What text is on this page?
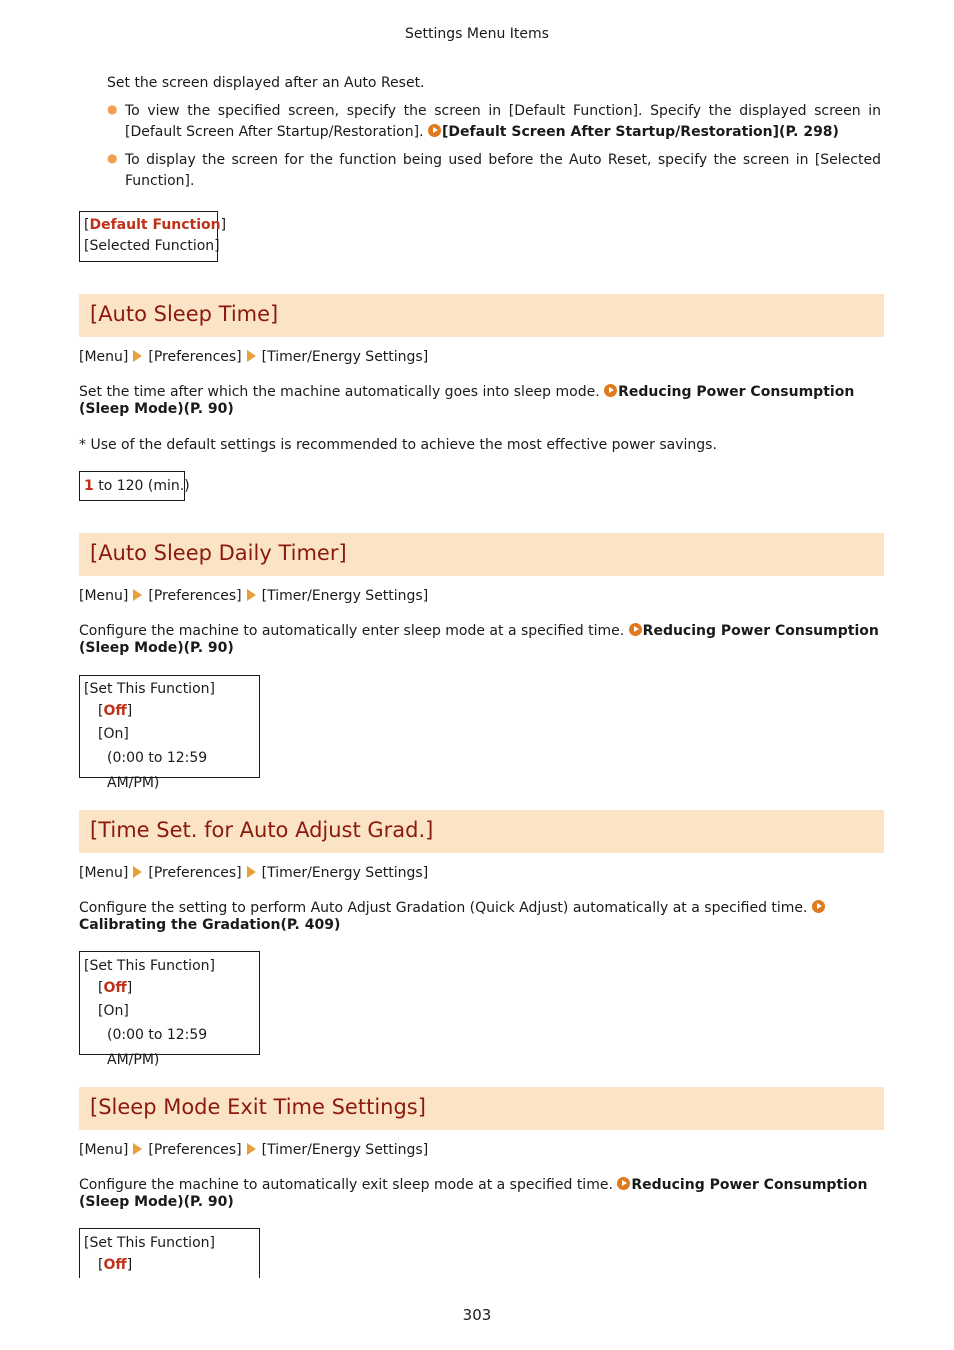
Settings Menu Items
Set the screen displayed after an Auto Reset.
● To view the specified screen, specify the screen in [Default Function]. Specify the displayed screen in [Default Screen After Startup/Restoration]. [Default Screen After Startup/Restoration](P. 298)
● To display the screen for the function being used before the Auto Reset, specify the screen in [Selected Function].
[Default Function]
[Selected Function]
[Auto Sleep Time]
[Menu] [Preferences] [Timer/Energy Settings]
Set the time after which the machine automatically goes into sleep mode. Reducing Power Consumption (Sleep Mode)(P. 90)
* Use of the default settings is recommended to achieve the most effective power savings.
1 to 120 (min.)
[Auto Sleep Daily Timer]
[Menu] [Preferences] [Timer/Energy Settings]
Configure the machine to automatically enter sleep mode at a specified time. Reducing Power Consumption (Sleep Mode)(P. 90)
[Set This Function]
[Off]
[On]
(0:00 to 12:59 AM/PM)
[Time Set. for Auto Adjust Grad.]
[Menu] [Preferences] [Timer/Energy Settings]
Configure the setting to perform Auto Adjust Gradation (Quick Adjust) automatically at a specified time. Calibrating the Gradation(P. 409)
[Set This Function]
[Off]
[On]
(0:00 to 12:59 AM/PM)
[Sleep Mode Exit Time Settings]
[Menu] [Preferences] [Timer/Energy Settings]
Configure the machine to automatically exit sleep mode at a specified time. Reducing Power Consumption (Sleep Mode)(P. 90)
[Set This Function]
[Off]
303
